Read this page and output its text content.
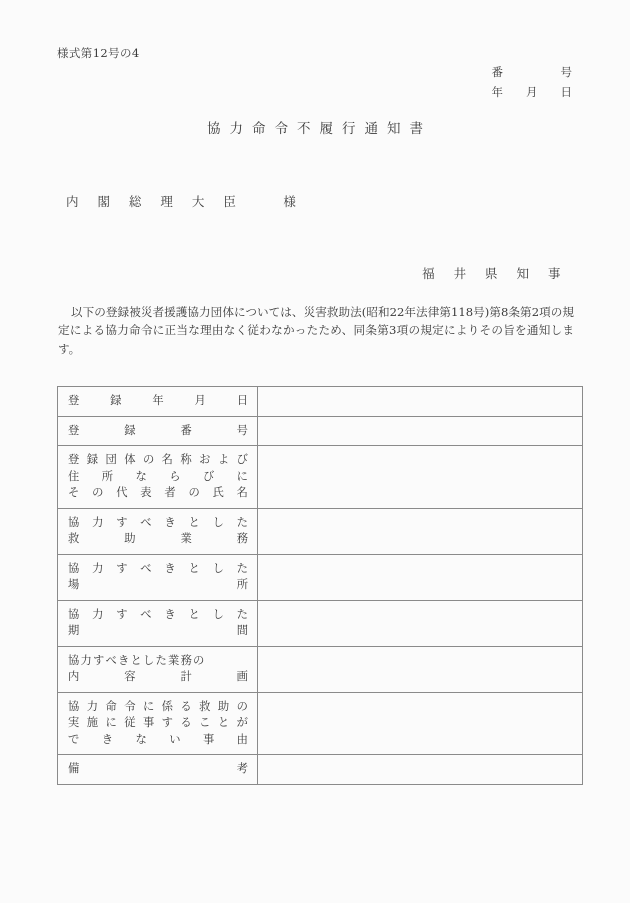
様式第12号の4
番　　　　　号
年　　月　　日
協力命令不履行通知書
内 閣 総 理 大 臣　　様
福 井 県 知 事

以下の登録被災者援護協力団体については、災害救助法(昭和22年法律第118号)第8条第2項の規定による協力命令に正当な理由なく従わなかったため、同条第3項の規定によりその旨を通知します。

登 録 年 月 日	

登 録 番 号	

登 録 団 体 の 名 称 お よ び
住 所 な ら び に
そ の 代 表 者 の 氏 名

協 力 す べ き と し た
救	助	業	務

協 力 す べ き と し た
場	所

協 力 す べ き と し た
期	間

協 力 す べ き と し た 業 務 の
内	容	計	画

協 力 命 令 に 係 る 救 助 の
実 施 に 従 事 す る こ と が
で き な い 事 由

備 考	
